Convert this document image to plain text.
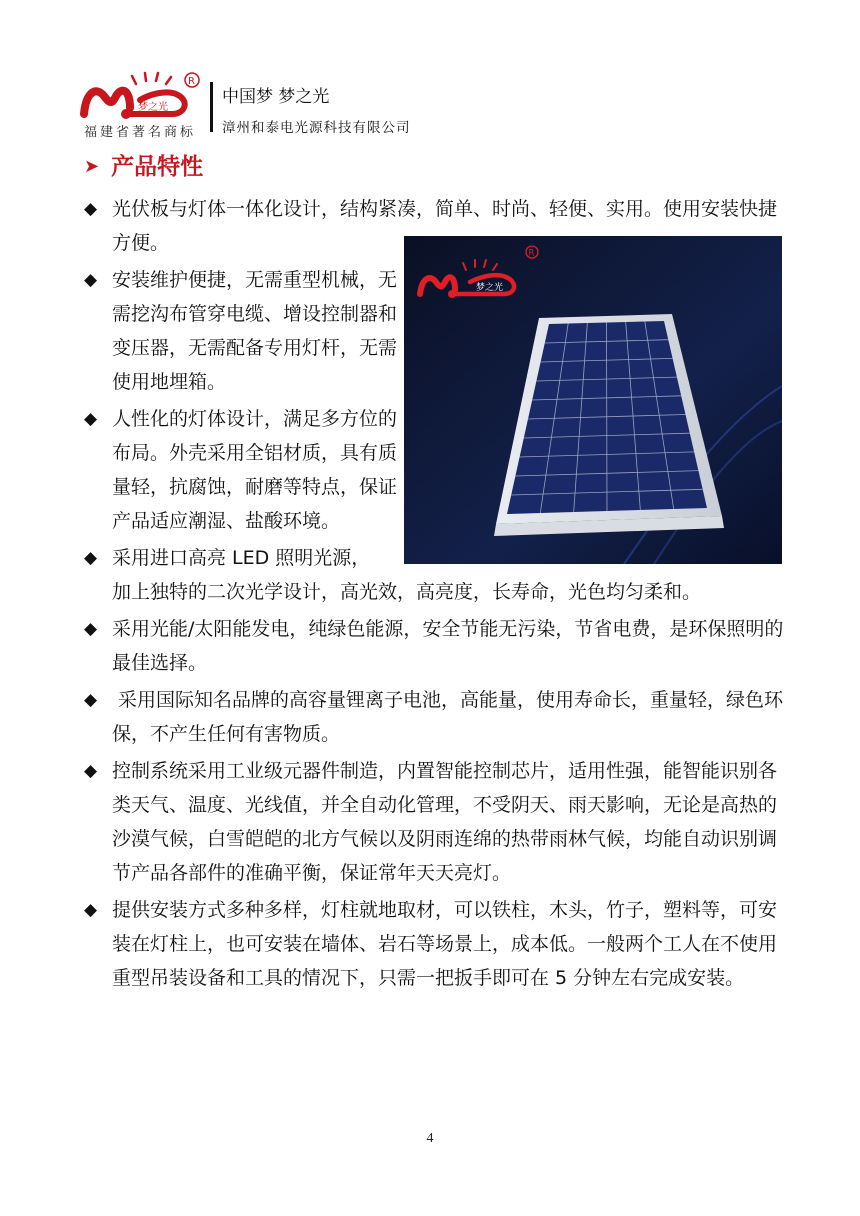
梦之光
R
福建省著名商标
中国梦 梦之光
漳州和泰电光源科技有限公司
➤ 产品特性
梦之光
R
◆ 光伏板与灯体一体化设计，结构紧凑，简单、时尚、轻便、实用。使用安装快捷方便。
◆ 安装维护便捷，无需重型机械，无需挖沟布管穿电缆、增设控制器和变压器，无需配备专用灯杆，无需使用地埋箱。
◆ 人性化的灯体设计，满足多方位的布局。外壳采用全铝材质，具有质量轻，抗腐蚀，耐磨等特点，保证产品适应潮湿、盐酸环境。
◆ 采用进口高亮 LED 照明光源，
加上独特的二次光学设计，高光效，高亮度，长寿命，光色均匀柔和。
◆ 采用光能/太阳能发电，纯绿色能源，安全节能无污染，节省电费，是环保照明的最佳选择。
◆ 采用国际知名品牌的高容量锂离子电池，高能量，使用寿命长，重量轻，绿色环保，不产生任何有害物质。
◆ 控制系统采用工业级元器件制造，内置智能控制芯片，适用性强，能智能识别各类天气、温度、光线值，并全自动化管理，不受阴天、雨天影响，无论是高热的沙漠气候，白雪皑皑的北方气候以及阴雨连绵的热带雨林气候，均能自动识别调节产品各部件的准确平衡，保证常年天天亮灯。
◆ 提供安装方式多种多样，灯柱就地取材，可以铁柱，木头，竹子，塑料等，可安装在灯柱上，也可安装在墙体、岩石等场景上，成本低。一般两个工人在不使用重型吊装设备和工具的情况下，只需一把扳手即可在 5 分钟左右完成安装。
4
